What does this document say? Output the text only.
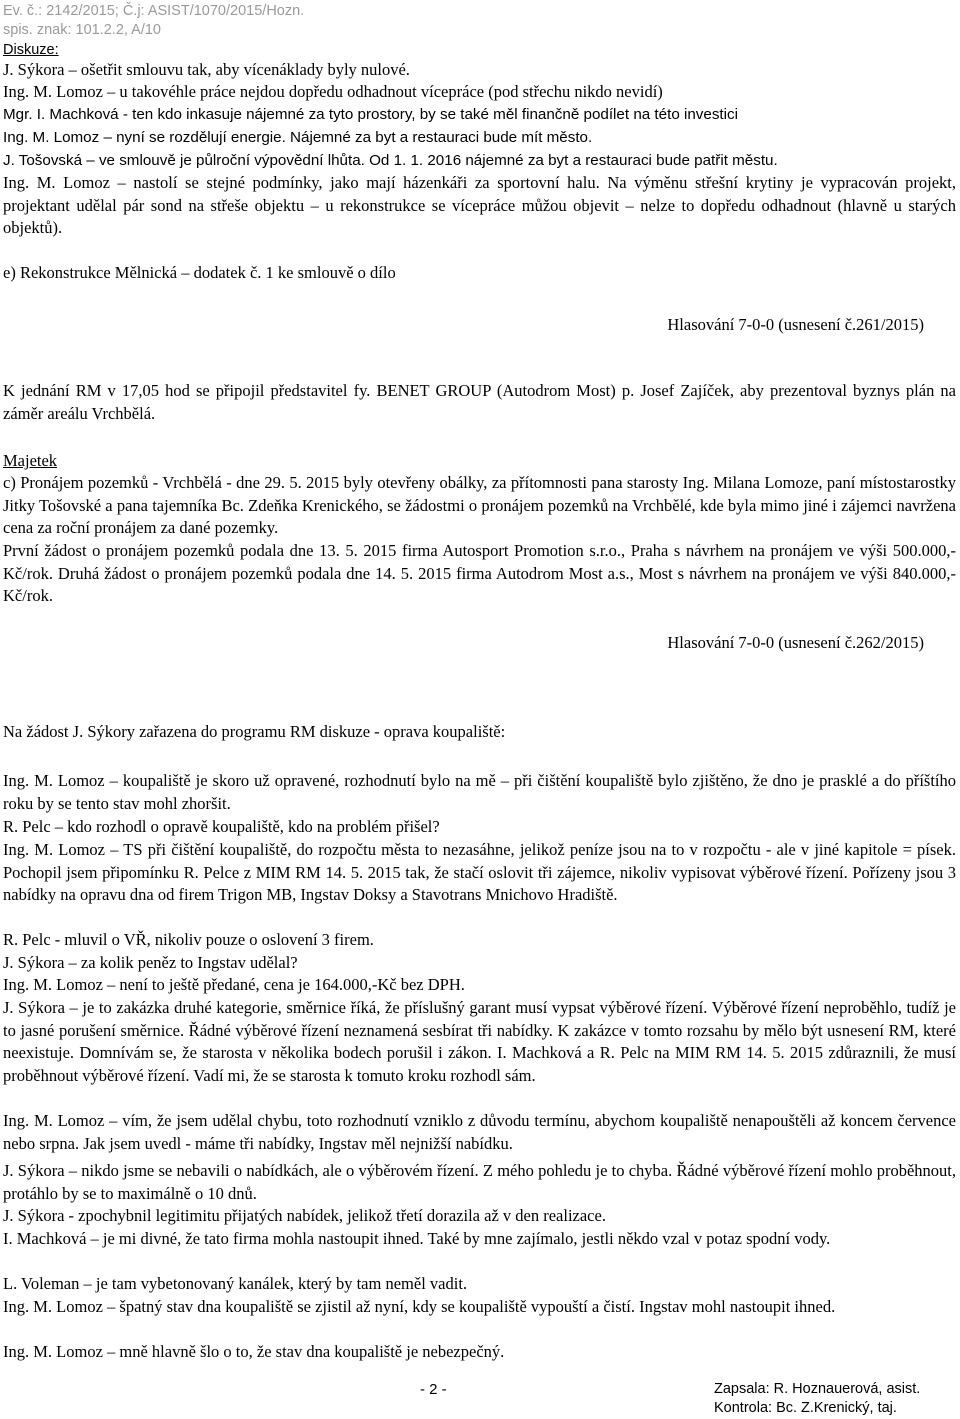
Ev. č.: 2142/2015; Č.j: ASIST/1070/2015/Hozn.
spis. znak: 101.2.2, A/10
Diskuze:

J. Sýkora – ošetřit smlouvu tak, aby vícenáklady byly nulové.

Ing. M. Lomoz – u takovéhle práce nejdou dopředu odhadnout vícepráce (pod střechu nikdo nevidí)

Mgr. I. Machková - ten kdo inkasuje nájemné za tyto prostory, by se také měl finančně podílet na této investici

Ing. M. Lomoz – nyní se rozdělují energie. Nájemné za byt a restauraci bude mít město.

J. Tošovská – ve smlouvě je půlroční výpovědní lhůta. Od 1. 1. 2016 nájemné za byt a restauraci bude patřit městu.

Ing. M. Lomoz – nastolí se stejné podmínky, jako mají házenkáři za sportovní halu. Na výměnu střešní krytiny je vypracován projekt, projektant udělal pár sond na střeše objektu – u rekonstrukce se vícepráce můžou objevit – nelze to dopředu odhadnout (hlavně u starých objektů).

e) Rekonstrukce Mělnická – dodatek č. 1 ke smlouvě o dílo

Hlasování 7-0-0 (usnesení č.261/2015)

K jednání RM v 17,05 hod se připojil představitel fy. BENET GROUP (Autodrom Most) p. Josef Zajíček, aby prezentoval byznys plán na záměr areálu Vrchbělá.

Majetek

c) Pronájem pozemků - Vrchbělá - dne 29. 5. 2015 byly otevřeny obálky, za přítomnosti pana starosty Ing. Milana Lomoze, paní místostarostky Jitky Tošovské a pana tajemníka Bc. Zdeňka Krenického, se žádostmi o pronájem pozemků na Vrchbělé, kde byla mimo jiné i zájemci navržena cena za roční pronájem za dané pozemky.

První žádost o pronájem pozemků podala dne 13. 5. 2015 firma Autosport Promotion s.r.o., Praha s návrhem na pronájem ve výši 500.000,- Kč/rok. Druhá žádost o pronájem pozemků podala dne 14. 5. 2015 firma Autodrom Most a.s., Most s návrhem na pronájem ve výši 840.000,- Kč/rok.

Hlasování 7-0-0 (usnesení č.262/2015)

Na žádost J. Sýkory zařazena do programu RM diskuze - oprava koupaliště:

Ing. M. Lomoz – koupaliště je skoro už opravené, rozhodnutí bylo na mě – při čištění koupaliště bylo zjištěno, že dno je prasklé a do příštího roku by se tento stav mohl zhoršit.

R. Pelc – kdo rozhodl o opravě koupaliště, kdo na problém přišel?

Ing. M. Lomoz – TS při čištění koupaliště, do rozpočtu města to nezasáhne, jelikož peníze jsou na to v rozpočtu - ale v jiné kapitole = písek. Pochopil jsem připomínku R. Pelce z MIM RM 14. 5. 2015 tak, že stačí oslovit tři zájemce, nikoliv vypisovat výběrové řízení. Pořízeny jsou 3 nabídky na opravu dna od firem Trigon MB, Ingstav Doksy a Stavotrans Mnichovo Hradiště.

R. Pelc - mluvil o VŘ, nikoliv pouze o oslovení 3 firem.

J. Sýkora – za kolik peněz to Ingstav udělal?

Ing. M. Lomoz – není to ještě předané, cena je 164.000,-Kč bez DPH.

J. Sýkora – je to zakázka druhé kategorie, směrnice říká, že příslušný garant musí vypsat výběrové řízení. Výběrové řízení neproběhlo, tudíž je to jasné porušení směrnice. Řádné výběrové řízení neznamená sesbírat tři nabídky. K zakázce v tomto rozsahu by mělo být usnesení RM, které neexistuje. Domnívám se, že starosta v několika bodech porušil i zákon. I. Machková a R. Pelc na MIM RM 14. 5. 2015 zdůraznili, že musí proběhnout výběrové řízení. Vadí mi, že se starosta k tomuto kroku rozhodl sám.

Ing. M. Lomoz – vím, že jsem udělal chybu, toto rozhodnutí vzniklo z důvodu termínu, abychom koupaliště nenapouštěli až koncem července nebo srpna. Jak jsem uvedl - máme tři nabídky, Ingstav měl nejnižší nabídku.

J. Sýkora – nikdo jsme se nebavili o nabídkách, ale o výběrovém řízení. Z mého pohledu je to chyba. Řádné výběrové řízení mohlo proběhnout, protáhlo by se to maximálně o 10 dnů.

J. Sýkora - zpochybnil legitimitu přijatých nabídek, jelikož třetí dorazila až v den realizace.

I. Machková – je mi divné, že tato firma mohla nastoupit ihned. Také by mne zajímalo, jestli někdo vzal v potaz spodní vody.

L. Voleman – je tam vybetonovaný kanálek, který by tam neměl vadit.

Ing. M. Lomoz – špatný stav dna koupaliště se zjistil až nyní, kdy se koupaliště vypouští a čistí. Ingstav mohl nastoupit ihned.

Ing. M. Lomoz – mně hlavně šlo o to, že stav dna koupaliště je nebezpečný.

- 2 -	Zapsala: R. Hoznauerová, asist.
Kontrola: Bc. Z.Krenický, taj.
